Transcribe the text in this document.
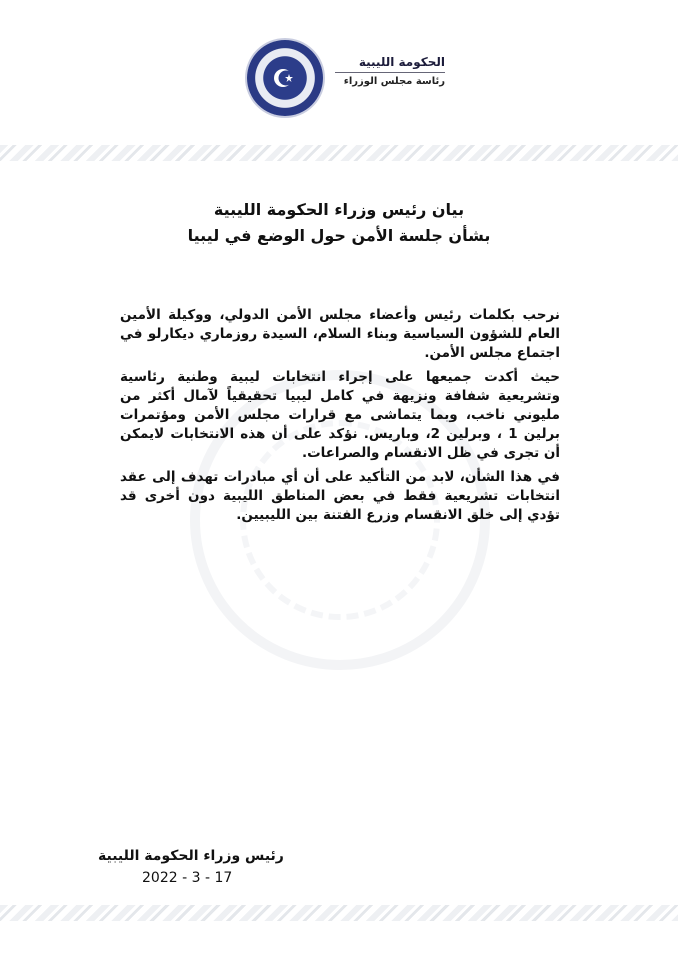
الحكومة الليبية
رئاسة مجلس الوزراء
بيان رئيس وزراء الحكومة الليبية
بشأن جلسة الأمن حول الوضع في ليبيا
نرحب بكلمات رئيس وأعضاء مجلس الأمن الدولي، ووكيلة الأمين العام للشؤون السياسية وبناء السلام، السيدة روزماري ديكارلو في اجتماع مجلس الأمن.
حيث أكدت جميعها على إجراء انتخابات ليبية وطنية رئاسية وتشريعية شفافة ونزيهة في كامل ليبيا تحقيقياً لآمال أكثر من مليوني ناخب، وبما يتماشى مع قرارات مجلس الأمن ومؤتمرات برلين 1 ، وبرلين 2، وباريس. نؤكد على أن هذه الانتخابات لايمكن أن تجرى في ظل الانقسام والصراعات.
في هذا الشأن، لابد من التأكيد على أن أي مبادرات تهدف إلى عقد انتخابات تشريعية فقط في بعض المناطق الليبية دون أخرى قد تؤدي إلى خلق الانقسام وزرع الفتنة بين الليبيين.
رئيس وزراء الحكومة الليبية
2022 - 3 - 17
